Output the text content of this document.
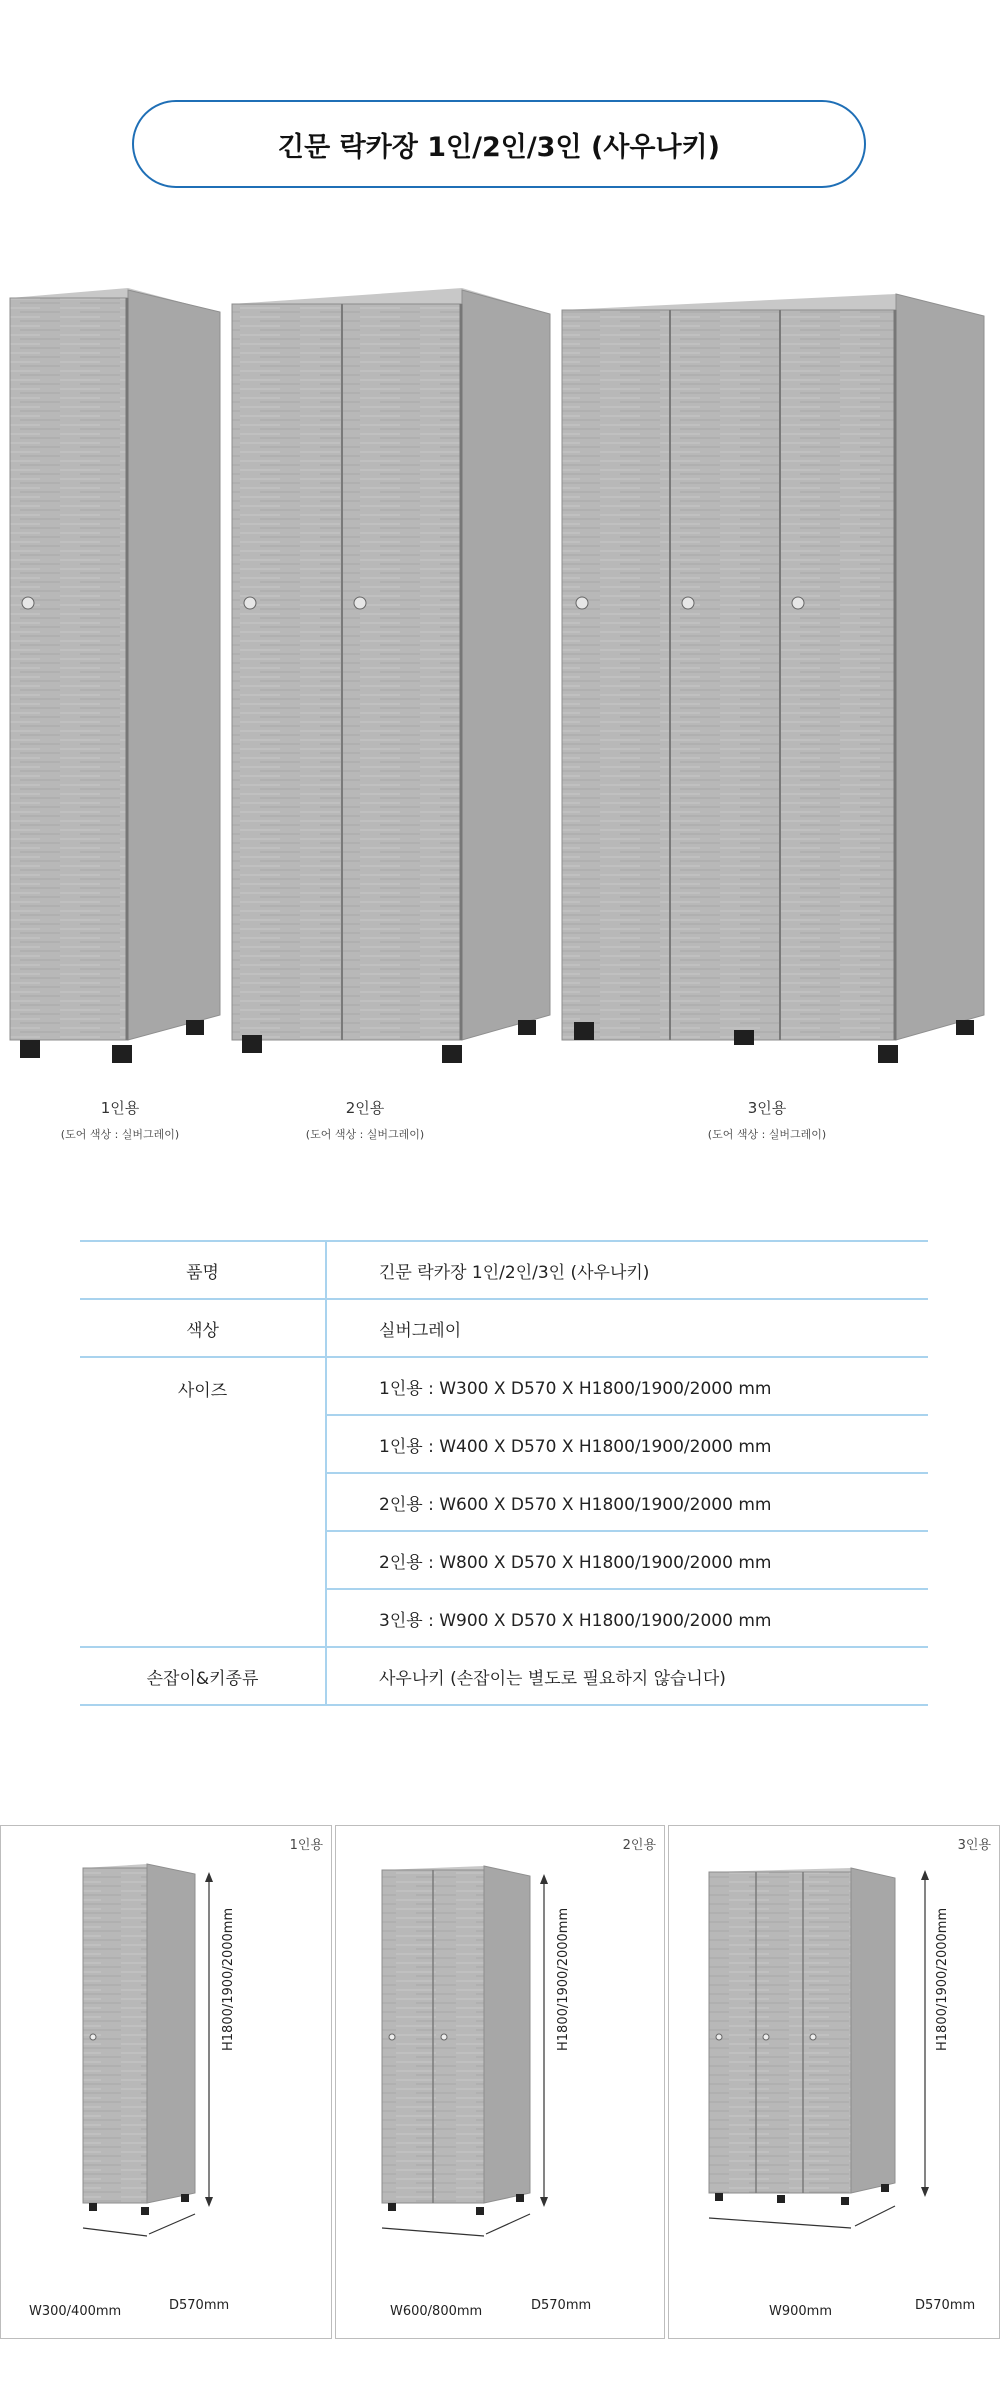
긴문 락카장 1인/2인/3인 (사우나키)
1인용
(도어 색상 : 실버그레이)
2인용
(도어 색상 : 실버그레이)
3인용
(도어 색상 : 실버그레이)
품명	긴문 락카장 1인/2인/3인 (사우나키)
색상	실버그레이
사이즈	1인용 : W300 X D570 X H1800/1900/2000 mm
	1인용 : W400 X D570 X H1800/1900/2000 mm
	2인용 : W600 X D570 X H1800/1900/2000 mm
	2인용 : W800 X D570 X H1800/1900/2000 mm
	3인용 : W900 X D570 X H1800/1900/2000 mm
손잡이&키종류	사우나키 (손잡이는 별도로 필요하지 않습니다)
1인용
H1800/1900/2000mm
W300/400mm	D570mm
2인용
H1800/1900/2000mm
W600/800mm	D570mm
3인용
H1800/1900/2000mm
W900mm	D570mm
